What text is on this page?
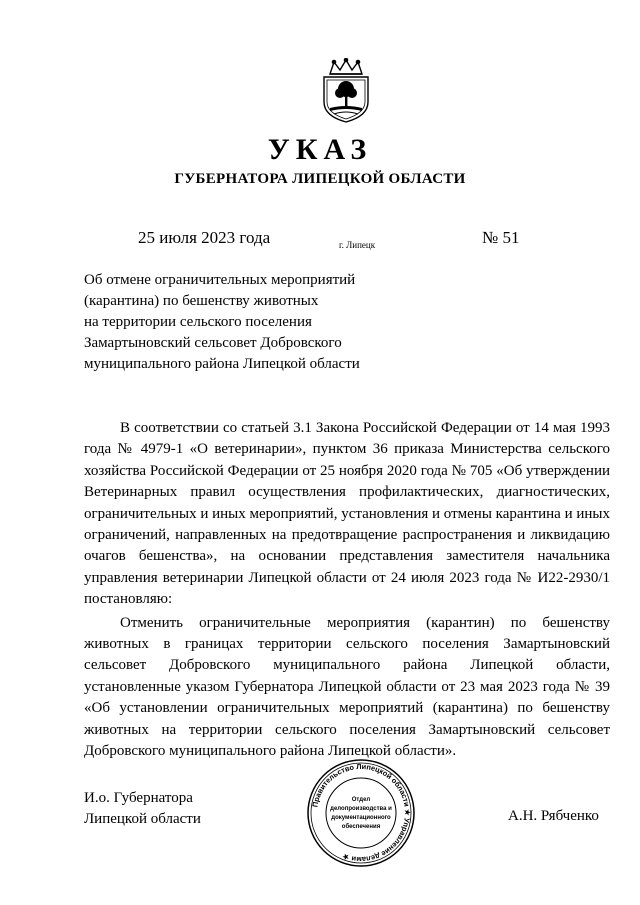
УКАЗ
ГУБЕРНАТОРА ЛИПЕЦКОЙ ОБЛАСТИ
25 июля 2023 года	г. Липецк	№ 51
Об отмене ограничительных мероприятий
(карантина) по бешенству животных
на территории сельского поселения
Замартыновский сельсовет Добровского
муниципального района Липецкой области

В соответствии со статьей 3.1 Закона Российской Федерации от 14 мая 1993 года № 4979-1 «О ветеринарии», пунктом 36 приказа Министерства сельского хозяйства Российской Федерации от 25 ноября 2020 года № 705 «Об утверждении Ветеринарных правил осуществления профилактических, диагностических, ограничительных и иных мероприятий, установления и отмены карантина и иных ограничений, направленных на предотвращение распространения и ликвидацию очагов бешенства», на основании представления заместителя начальника управления ветеринарии Липецкой области от 24 июля 2023 года № И22-2930/1 постановляю:

Отменить ограничительные мероприятия (карантин) по бешенству животных в границах территории сельского поселения Замартыновский сельсовет Добровского муниципального района Липецкой области, установленные указом Губернатора Липецкой области от 23 мая 2023 года № 39 «Об установлении ограничительных мероприятий (карантина) по бешенству животных на территории сельского поселения Замартыновский сельсовет Добровского муниципального района Липецкой области».

И.о. Губернатора
Липецкой области
Правительство Липецкой области ★ Управление делами ★
Отдел
делопроизводства и
документационного
обеспечения
А.Н. Рябченко
